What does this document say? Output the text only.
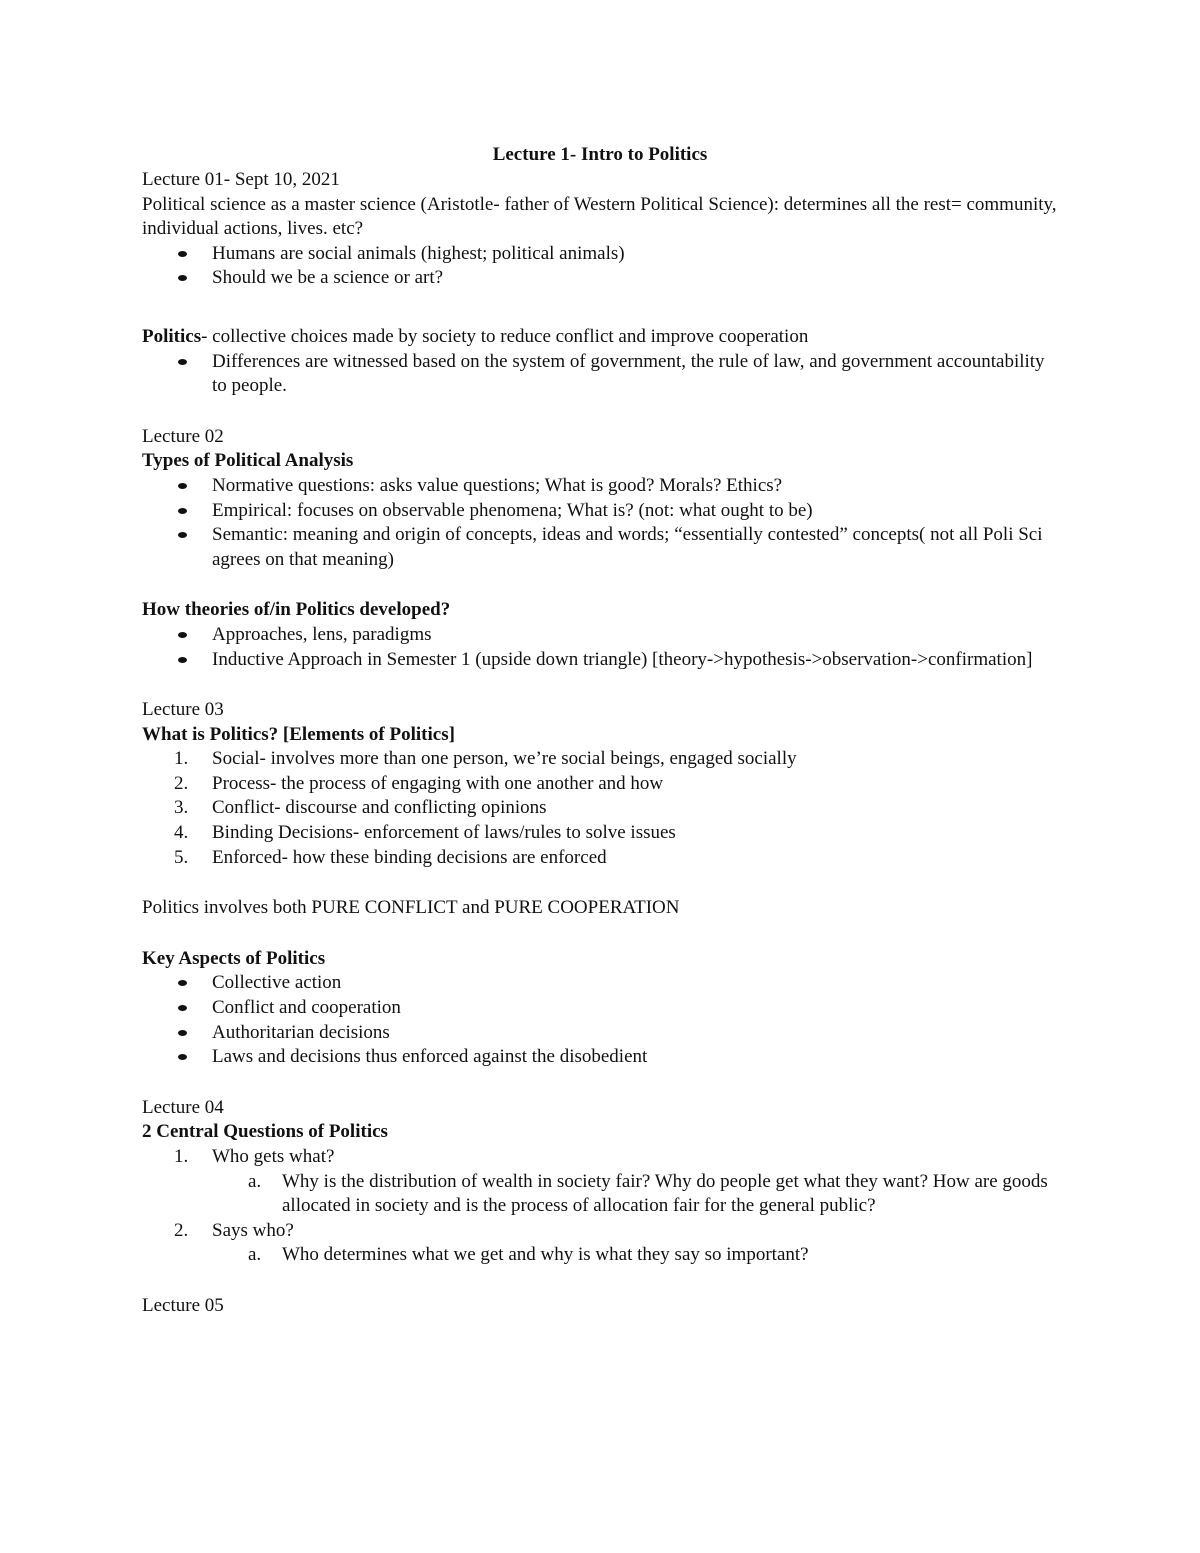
Lecture 1- Intro to Politics

Lecture 01- Sept 10, 2021

Political science as a master science (Aristotle- father of Western Political Science): determines all the rest= community, individual actions, lives. etc?

Humans are social animals (highest; political animals)
Should we be a science or art?

Politics- collective choices made by society to reduce conflict and improve cooperation

Differences are witnessed based on the system of government, the rule of law, and government accountability to people.

Lecture 02

Types of Political Analysis

Normative questions: asks value questions; What is good? Morals? Ethics?
Empirical: focuses on observable phenomena; What is? (not: what ought to be)
Semantic: meaning and origin of concepts, ideas and words; “essentially contested” concepts( not all Poli Sci agrees on that meaning)

How theories of/in Politics developed?

Approaches, lens, paradigms
Inductive Approach in Semester 1 (upside down triangle) [theory->hypothesis->observation->confirmation]

Lecture 03

What is Politics? [Elements of Politics]

1. Social- involves more than one person, we’re social beings, engaged socially
2. Process- the process of engaging with one another and how
3. Conflict- discourse and conflicting opinions
4. Binding Decisions- enforcement of laws/rules to solve issues
5. Enforced- how these binding decisions are enforced

Politics involves both PURE CONFLICT and PURE COOPERATION

Key Aspects of Politics

Collective action
Conflict and cooperation
Authoritarian decisions
Laws and decisions thus enforced against the disobedient

Lecture 04

2 Central Questions of Politics

1. Who gets what?
a. Why is the distribution of wealth in society fair? Why do people get what they want? How are goods allocated in society and is the process of allocation fair for the general public?
2. Says who?
a. Who determines what we get and why is what they say so important?

Lecture 05
